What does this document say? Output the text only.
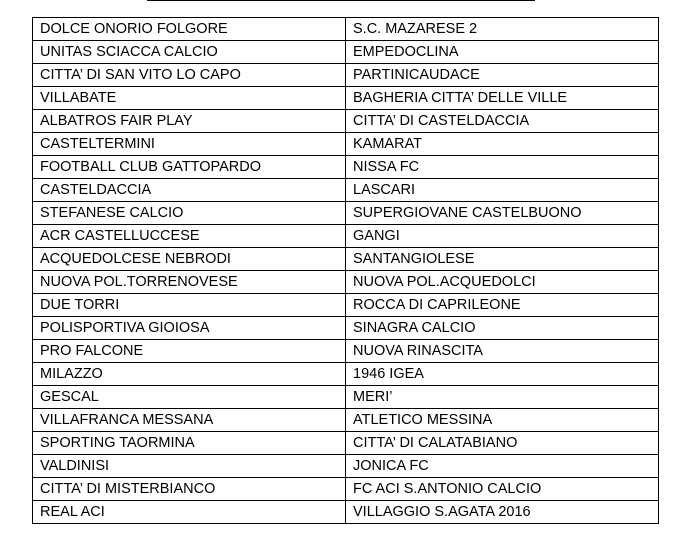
DOLCE ONORIO FOLGORE	S.C. MAZARESE 2
UNITAS SCIACCA CALCIO	EMPEDOCLINA
CITTA’ DI SAN VITO LO CAPO	PARTINICAUDACE
VILLABATE	BAGHERIA CITTA’ DELLE VILLE
ALBATROS FAIR PLAY	CITTA’ DI CASTELDACCIA
CASTELTERMINI	KAMARAT
FOOTBALL CLUB GATTOPARDO	NISSA FC
CASTELDACCIA	LASCARI
STEFANESE CALCIO	SUPERGIOVANE CASTELBUONO
ACR CASTELLUCCESE	GANGI
ACQUEDOLCESE NEBRODI	SANTANGIOLESE
NUOVA POL.TORRENOVESE	NUOVA POL.ACQUEDOLCI
DUE TORRI	ROCCA DI CAPRILEONE
POLISPORTIVA GIOIOSA	SINAGRA CALCIO
PRO FALCONE	NUOVA RINASCITA
MILAZZO	1946 IGEA
GESCAL	MERI’
VILLAFRANCA MESSANA	ATLETICO MESSINA
SPORTING TAORMINA	CITTA’ DI CALATABIANO
VALDINISI	JONICA FC
CITTA’ DI MISTERBIANCO	FC ACI S.ANTONIO CALCIO
REAL ACI	VILLAGGIO S.AGATA 2016
